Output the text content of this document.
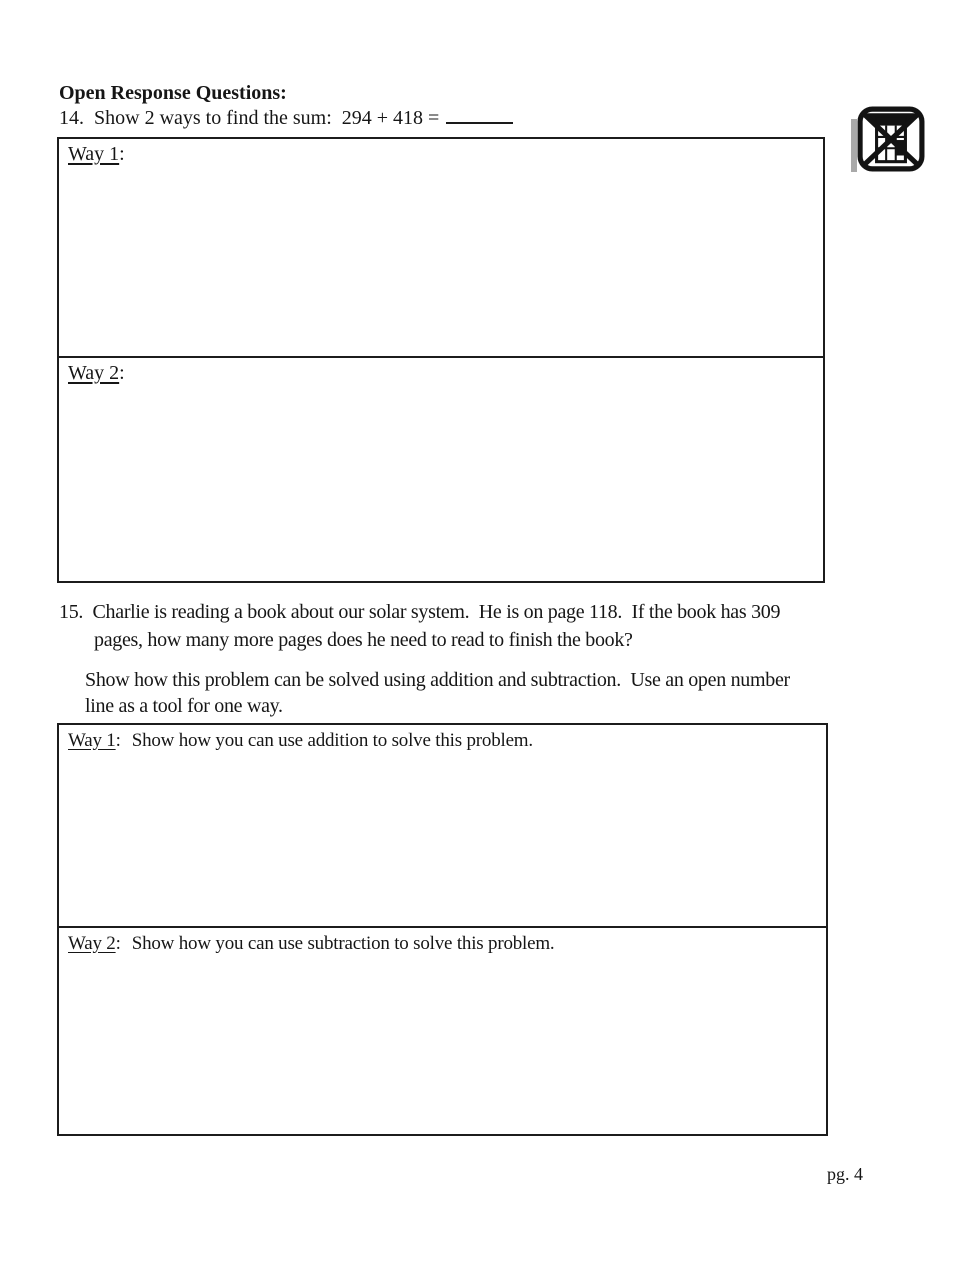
Open Response Questions:
14.  Show 2 ways to find the sum:  294 + 418 =
Way 1:
Way 2:
15.  Charlie is reading a book about our solar system.  He is on page 118.  If the book has 309
pages, how many more pages does he need to read to finish the book?
Show how this problem can be solved using addition and subtraction.  Use an open number
line as a tool for one way.
Way 1: Show how you can use addition to solve this problem.
Way 2: Show how you can use subtraction to solve this problem.
pg. 4
